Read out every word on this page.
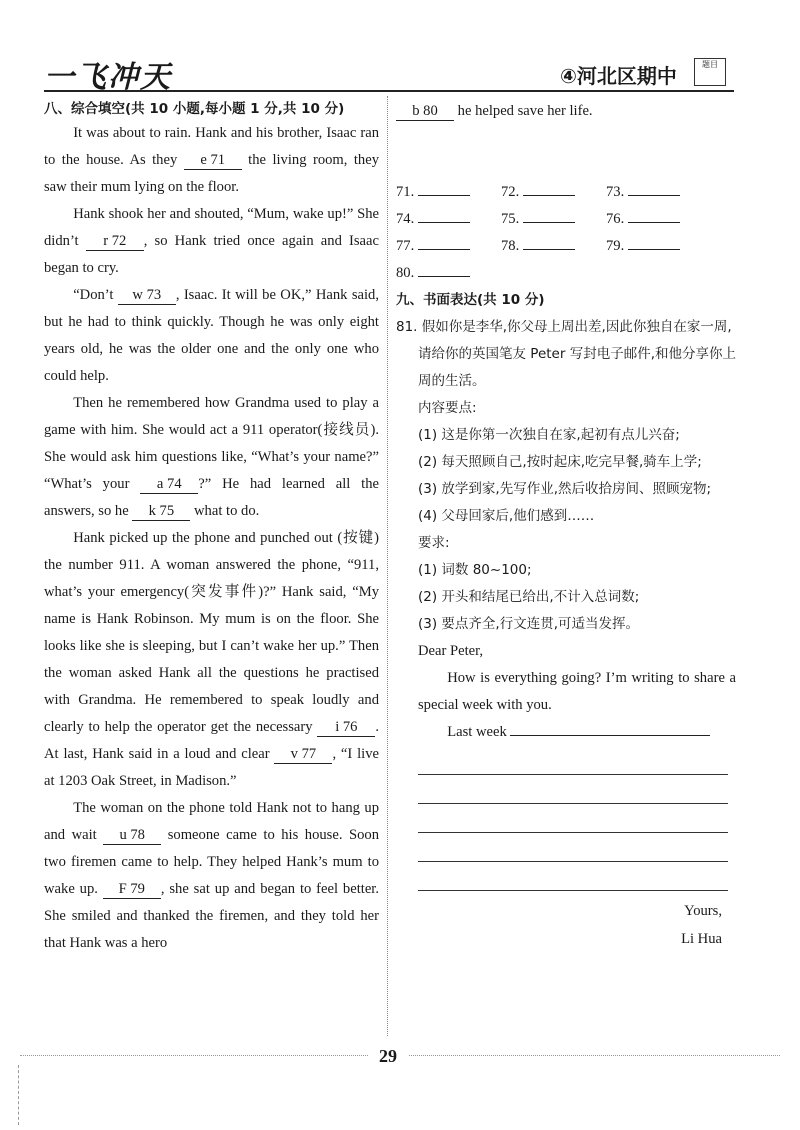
一飞冲天	④河北区期中	题目

八、综合填空(共 10 小题,每小题 1 分,共 10 分)

It was about to rain. Hank and his brother, Isaac ran to the house. As they e 71 the living room, they saw their mum lying on the floor.

Hank shook her and shouted, “Mum, wake up!” She didn’t r 72 , so Hank tried once again and Isaac began to cry.

“Don’t w 73 , Isaac. It will be OK,” Hank said, but he had to think quickly. Though he was only eight years old, he was the older one and the only one who could help.

Then he remembered how Grandma used to play a game with him. She would act a 911 operator(接线员). She would ask him questions like, “What’s your name?” “What’s your a 74 ?” He had learned all the answers, so he k 75 what to do.

Hank picked up the phone and punched out (按键) the number 911. A woman answered the phone, “911, what’s your emergency(突发事件)?” Hank said, “My name is Hank Robinson. My mum is on the floor. She looks like she is sleeping, but I can’t wake her up.” Then the woman asked Hank all the questions he practised with Grandma. He remembered to speak loudly and clearly to help the operator get the necessary i 76 . At last, Hank said in a loud and clear v 77 , “I live at 1203 Oak Street, in Madison.”

The woman on the phone told Hank not to hang up and wait u 78 someone came to his house. Soon two firemen came to help. They helped Hank’s mum to wake up. F 79 , she sat up and began to feel better. She smiled and thanked the firemen, and they told her that Hank was a hero

b 80 he helped save her life.

71.	72.	73.
74.	75.	76.
77.	78.	79.
80.

九、书面表达(共 10 分)

81. 假如你是李华,你父母上周出差,因此你独自在家一周,请给你的英国笔友 Peter 写封电子邮件,和他分享你上周的生活。

内容要点:

(1) 这是你第一次独自在家,起初有点儿兴奋;

(2) 每天照顾自己,按时起床,吃完早餐,骑车上学;

(3) 放学到家,先写作业,然后收拾房间、照顾宠物;

(4) 父母回家后,他们感到……

要求:

(1) 词数 80~100;

(2) 开头和结尾已给出,不计入总词数;

(3) 要点齐全,行文连贯,可适当发挥。

Dear Peter,

How is everything going? I’m writing to share a special week with you.

Last week

Yours,
Li Hua
29
